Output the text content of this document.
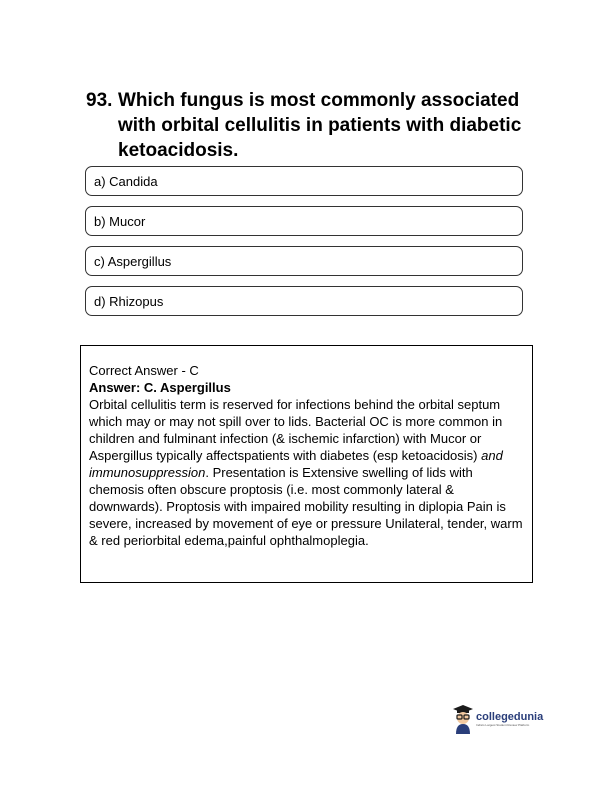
93. Which fungus is most commonly associated with orbital cellulitis in patients with diabetic ketoacidosis.
a) Candida
b) Mucor
c) Aspergillus
d) Rhizopus
Correct Answer - C
Answer: C. Aspergillus
Orbital cellulitis term is reserved for infections behind the orbital septum which may or may not spill over to lids. Bacterial OC is more common in children and fulminant infection (& ischemic infarction) with Mucor or Aspergillus typically affectspatients with diabetes (esp ketoacidosis) and immunosuppression. Presentation is Extensive swelling of lids with chemosis often obscure proptosis (i.e. most commonly lateral & downwards). Proptosis with impaired mobility resulting in diplopia Pain is severe, increased by movement of eye or pressure Unilateral, tender, warm & red periorbital edema,painful ophthalmoplegia.
collegedunia
India's Largest Student Review Platform
